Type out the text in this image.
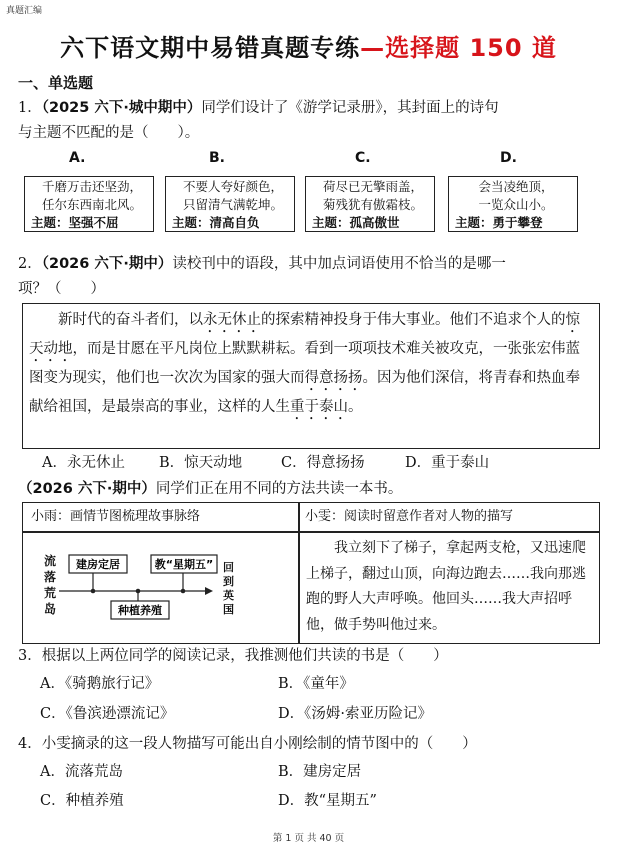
真题汇编
六下语文期中易错真题专练—选择题 150 道
一、单选题
1．（2025 六下·城中期中）同学们设计了《游学记录册》，其封面上的诗句
与主题不匹配的是（　　）。
A.	B.	C.	D.
千磨万击还坚劲，
任尔东西南北风。
主题：坚强不屈
不要人夸好颜色，
只留清气满乾坤。
主题：清高自负
荷尽已无擎雨盖，
菊残犹有傲霜枝。
主题：孤高傲世
会当凌绝顶，
一览众山小。
主题：勇于攀登
2．（2026 六下·期中）读校刊中的语段，其中加点词语使用不恰当的是哪一
项？（　　）

新时代的奋斗者们，以永无休止的探索精神投身于伟大事业。他们不追求个人的惊天动地，而是甘愿在平凡岗位上默默耕耘。看到一项项技术难关被攻克，一张张宏伟蓝图变为现实，他们也一次次为国家的强大而得意扬扬。因为他们深信，将青春和热血奉献给祖国，是最崇高的事业，这样的人生重于泰山。

A．永无休止 B．惊天动地	C．得意扬扬	D．重于泰山
（2026 六下·期中）同学们正在用不同的方法共读一本书。
小雨：画情节图梳理故事脉络	小雯：阅读时留意作者对人物的描写
流
落
荒
岛
建房定居
种植养殖
教“星期五” 回
到
英
国

我立刻下了梯子，拿起两支枪，又迅速爬上梯子，翻过山顶，向海边跑去……我向那逃跑的野人大声呼唤。他回头……我大声招呼他，做手势叫他过来。

3．根据以上两位同学的阅读记录，我推测他们共读的书是（　　）
A．《骑鹅旅行记》	B．《童年》
C．《鲁滨逊漂流记》	D．《汤姆·索亚历险记》
4．小雯摘录的这一段人物描写可能出自小刚绘制的情节图中的（　　）
A．流落荒岛	B．建房定居
C．种植养殖	D．教“星期五”
第 1 页 共 40 页
